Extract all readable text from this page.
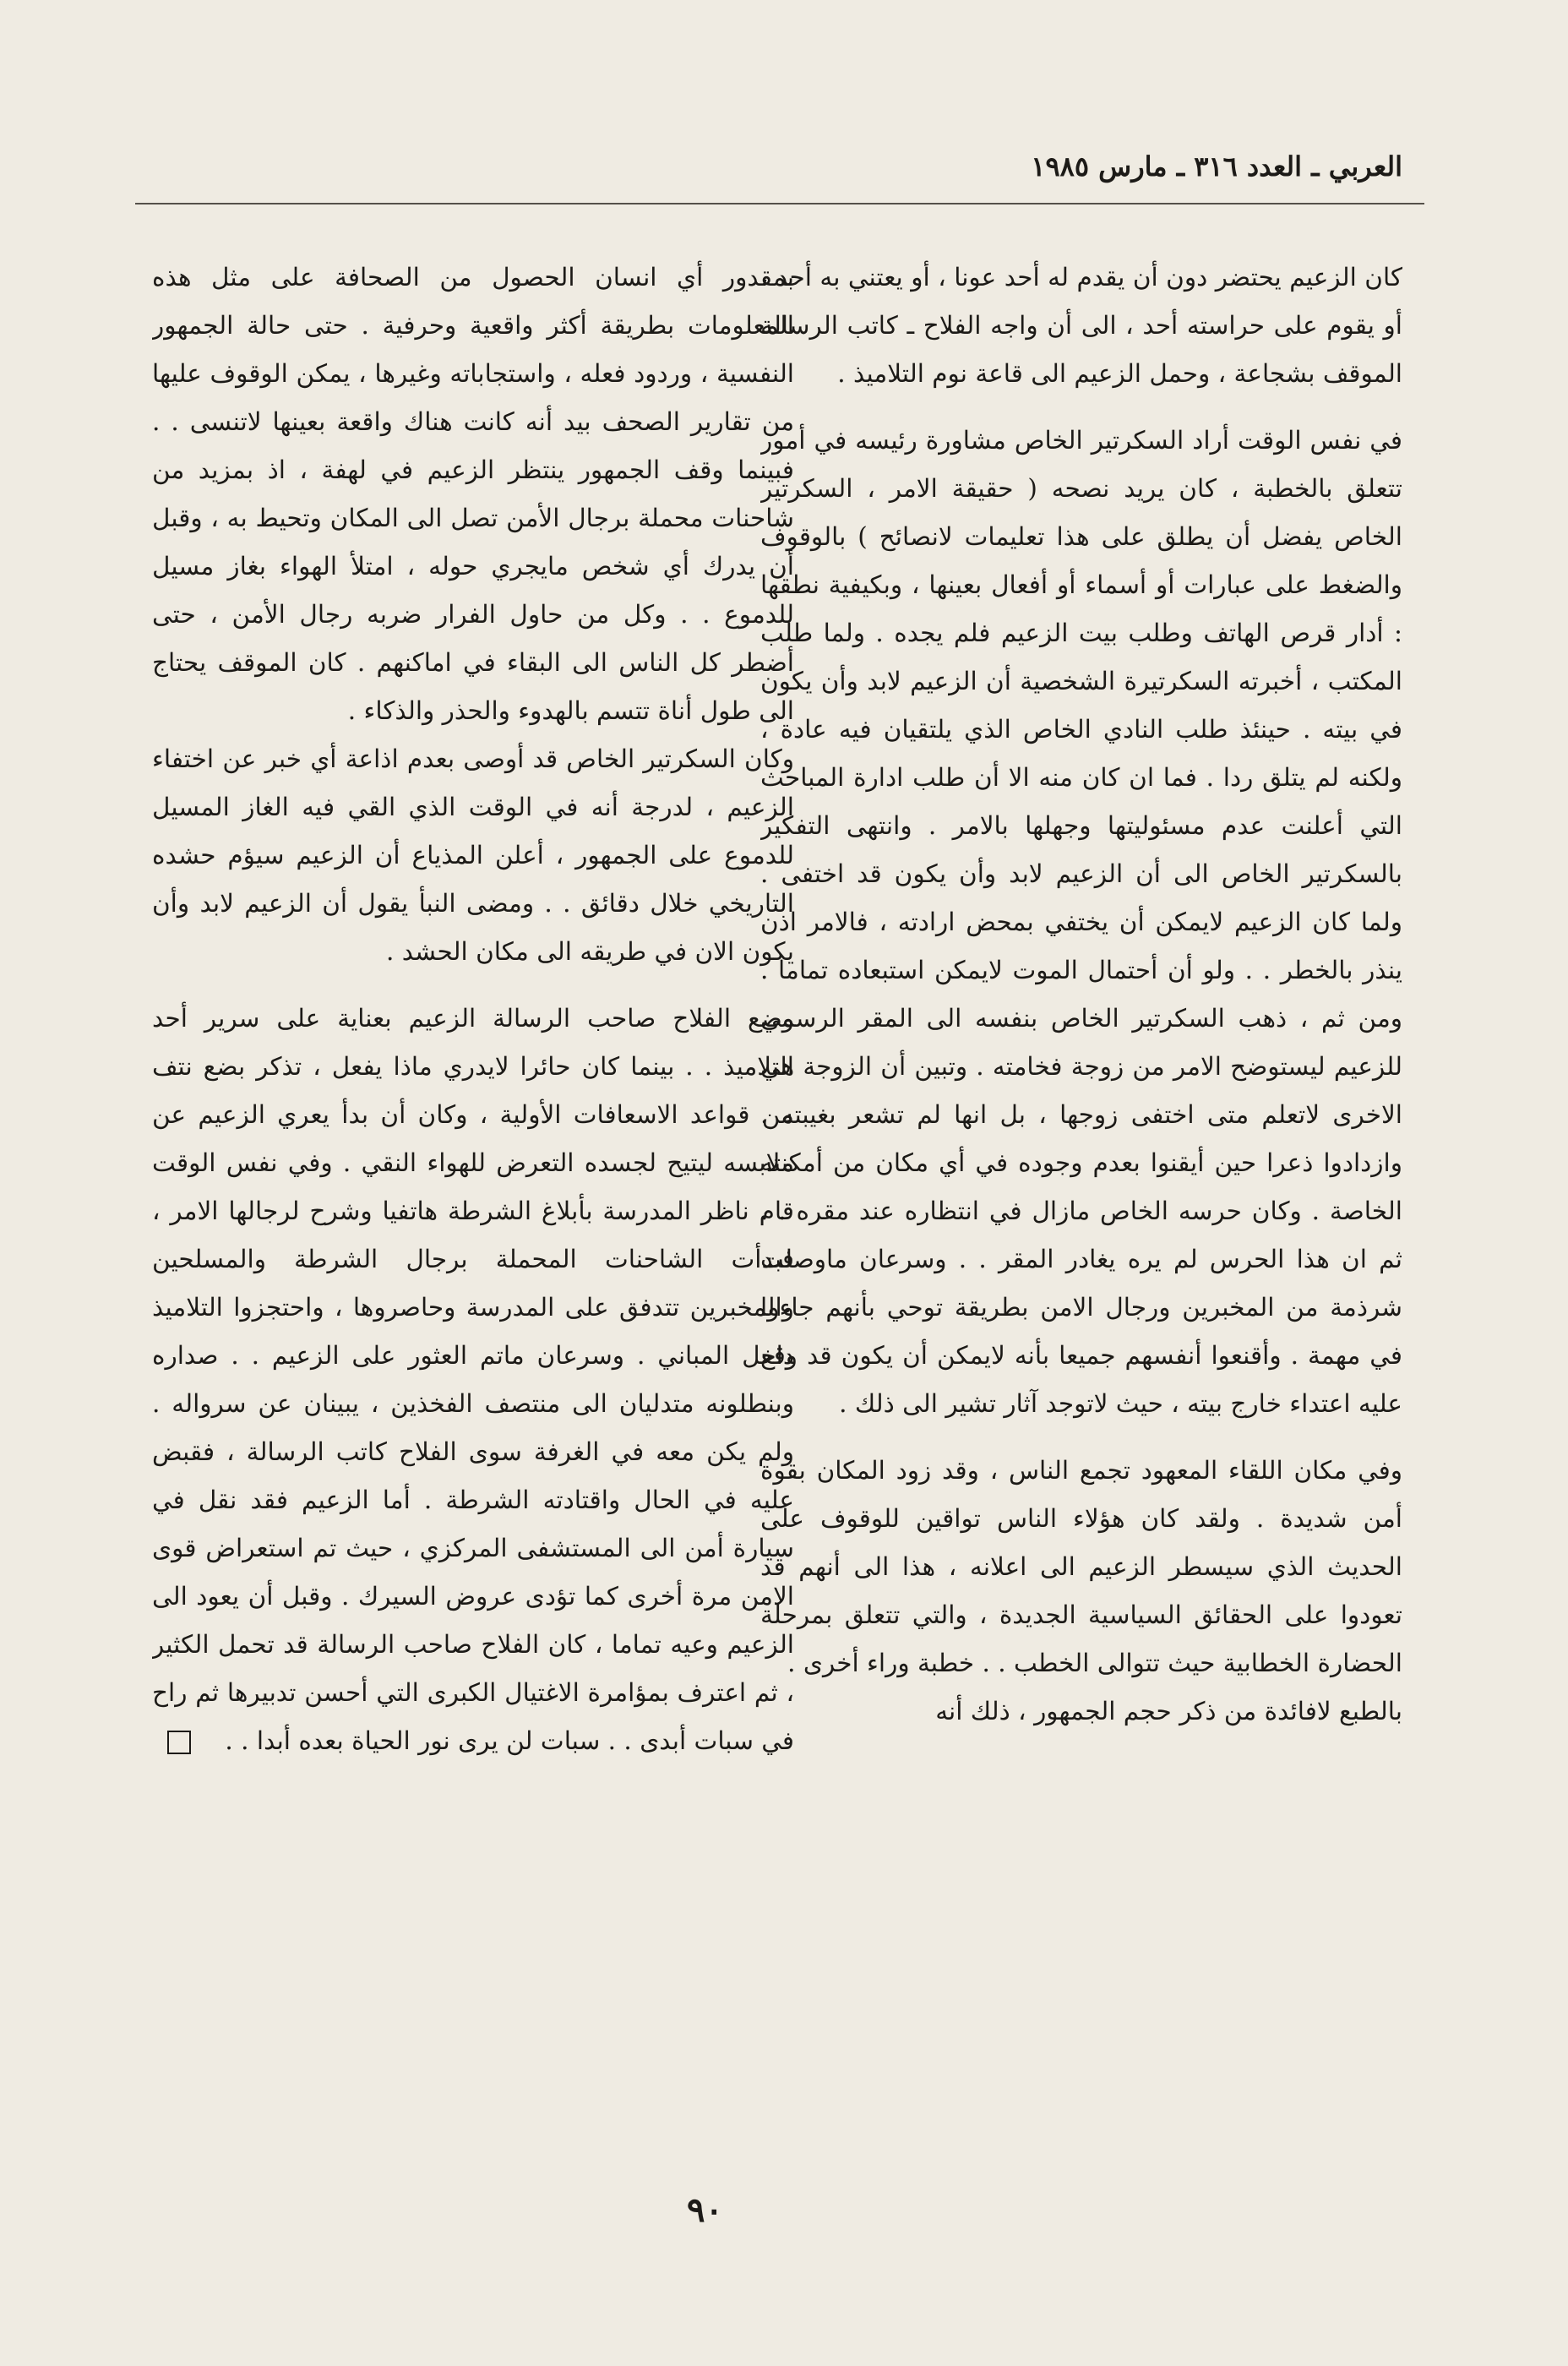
العربي ـ العدد ٣١٦ ـ مارس ١٩٨٥

كان الزعيم يحتضر دون أن يقدم له أحد عونا ، أو يعتني به أحد ، أو يقوم على حراسته أحد ، الى أن واجه الفلاح ـ كاتب الرسالة الموقف بشجاعة ، وحمل الزعيم الى قاعة نوم التلاميذ .

في نفس الوقت أراد السكرتير الخاص مشاورة رئيسه في أمور تتعلق بالخطبة ، كان يريد نصحه ( حقيقة الامر ، السكرتير الخاص يفضل أن يطلق على هذا تعليمات لانصائح ) بالوقوف والضغط على عبارات أو أسماء أو أفعال بعينها ، وبكيفية نطقها : أدار قرص الهاتف وطلب بيت الزعيم فلم يجده . ولما طلب المكتب ، أخبرته السكرتيرة الشخصية أن الزعيم لابد وأن يكون في بيته . حينئذ طلب النادي الخاص الذي يلتقيان فيه عادة ، ولكنه لم يتلق ردا . فما ان كان منه الا أن طلب ادارة المباحث التي أعلنت عدم مسئوليتها وجهلها بالامر . وانتهى التفكير بالسكرتير الخاص الى أن الزعيم لابد وأن يكون قد اختفى . ولما كان الزعيم لايمكن أن يختفي بمحض ارادته ، فالامر اذن ينذر بالخطر . . ولو أن أحتمال الموت لايمكن استبعاده تماما . ومن ثم ، ذهب السكرتير الخاص بنفسه الى المقر الرسمي للزعيم ليستوضح الامر من زوجة فخامته . وتبين أن الزوجة هي الاخرى لاتعلم متى اختفى زوجها ، بل انها لم تشعر بغيبته . وازدادوا ذعرا حين أيقنوا بعدم وجوده في أي مكان من أمكنته الخاصة . وكان حرسه الخاص مازال في انتظاره عند مقره . . ثم ان هذا الحرس لم يره يغادر المقر . . وسرعان ماوصلت شرذمة من المخبرين ورجال الامن بطريقة توحي بأنهم جاءوا في مهمة . وأقنعوا أنفسهم جميعا بأنه لايمكن أن يكون قد وقع عليه اعتداء خارج بيته ، حيث لاتوجد آثار تشير الى ذلك .

وفي مكان اللقاء المعهود تجمع الناس ، وقد زود المكان بقوة أمن شديدة . ولقد كان هؤلاء الناس تواقين للوقوف على الحديث الذي سيسطر الزعيم الى اعلانه ، هذا الى أنهم قد تعودوا على الحقائق السياسية الجديدة ، والتي تتعلق بمرحلة الحضارة الخطابية حيث تتوالى الخطب . . خطبة وراء أخرى .

بالطبع لافائدة من ذكر حجم الجمهور ، ذلك أنه

بمقدور أي انسان الحصول من الصحافة على مثل هذه المعلومات بطريقة أكثر واقعية وحرفية . حتى حالة الجمهور النفسية ، وردود فعله ، واستجاباته وغيرها ، يمكن الوقوف عليها من تقارير الصحف بيد أنه كانت هناك واقعة بعينها لاتنسى . . فبينما وقف الجمهور ينتظر الزعيم في لهفة ، اذ بمزيد من شاحنات محملة برجال الأمن تصل الى المكان وتحيط به ، وقبل أن يدرك أي شخص مايجري حوله ، امتلأ الهواء بغاز مسيل للدموع . . وكل من حاول الفرار ضربه رجال الأمن ، حتى أضطر كل الناس الى البقاء في اماكنهم . كان الموقف يحتاج الى طول أناة تتسم بالهدوء والحذر والذكاء .

وكان السكرتير الخاص قد أوصى بعدم اذاعة أي خبر عن اختفاء الزعيم ، لدرجة أنه في الوقت الذي القي فيه الغاز المسيل للدموع على الجمهور ، أعلن المذياع أن الزعيم سيؤم حشده التاريخي خلال دقائق . . ومضى النبأ يقول أن الزعيم لابد وأن يكون الان في طريقه الى مكان الحشد .

وضع الفلاح صاحب الرسالة الزعيم بعناية على سرير أحد التلاميذ . . بينما كان حائرا لايدري ماذا يفعل ، تذكر بضع نتف من قواعد الاسعافات الأولية ، وكان أن بدأ يعري الزعيم عن ملابسه ليتيح لجسده التعرض للهواء النقي . وفي نفس الوقت قام ناظر المدرسة بأبلاغ الشرطة هاتفيا وشرح لرجالها الامر ، فبدأت الشاحنات المحملة برجال الشرطة والمسلحين والمخبرين تتدفق على المدرسة وحاصروها ، واحتجزوا التلاميذ داخل المباني . وسرعان ماتم العثور على الزعيم . . صداره وبنطلونه متدليان الى منتصف الفخذين ، يبينان عن سرواله . ولم يكن معه في الغرفة سوى الفلاح كاتب الرسالة ، فقبض عليه في الحال واقتادته الشرطة . أما الزعيم فقد نقل في سيارة أمن الى المستشفى المركزي ، حيث تم استعراض قوى الامن مرة أخرى كما تؤدى عروض السيرك . وقبل أن يعود الى الزعيم وعيه تماما ، كان الفلاح صاحب الرسالة قد تحمل الكثير ، ثم اعترف بمؤامرة الاغتيال الكبرى التي أحسن تدبيرها ثم راح في سبات أبدى . . سبات لن يرى نور الحياة بعده أبدا . .

٩٠
